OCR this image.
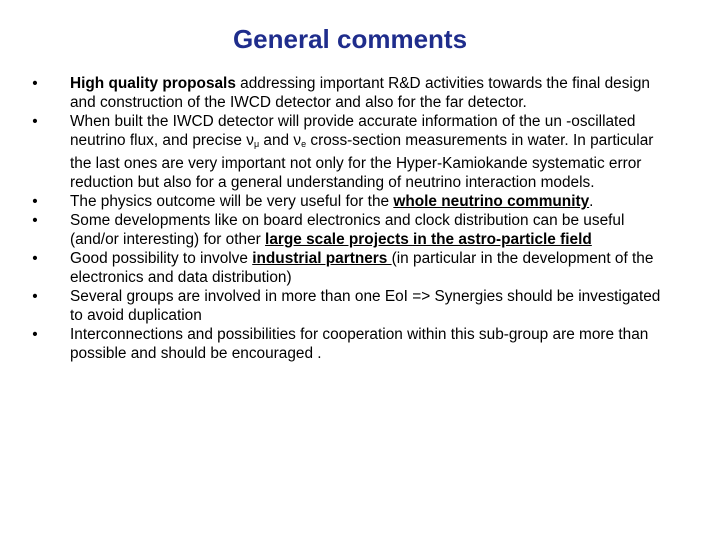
General comments
• High quality proposals addressing important R&D activities towards the final design and construction of the IWCD detector and also for the far detector.
• When built the IWCD detector will provide accurate information of the un -oscillated neutrino flux, and precise $\nu_\mu$ and $\nu_e$ cross-section measurements in water. In particular the last ones are very important not only for the Hyper-Kamiokande systematic error reduction but also for a general understanding of neutrino interaction models.
• The physics outcome will be very useful for the whole neutrino community.
• Some developments like on board electronics and clock distribution can be useful (and/or interesting) for other large scale projects in the astro-particle field
• Good possibility to involve industrial partners (in particular in the development of the electronics and data distribution)
• Several groups are involved in more than one EoI => Synergies should be investigated to avoid duplication
• Interconnections and possibilities for cooperation within this sub-group are more than possible and should be encouraged .
